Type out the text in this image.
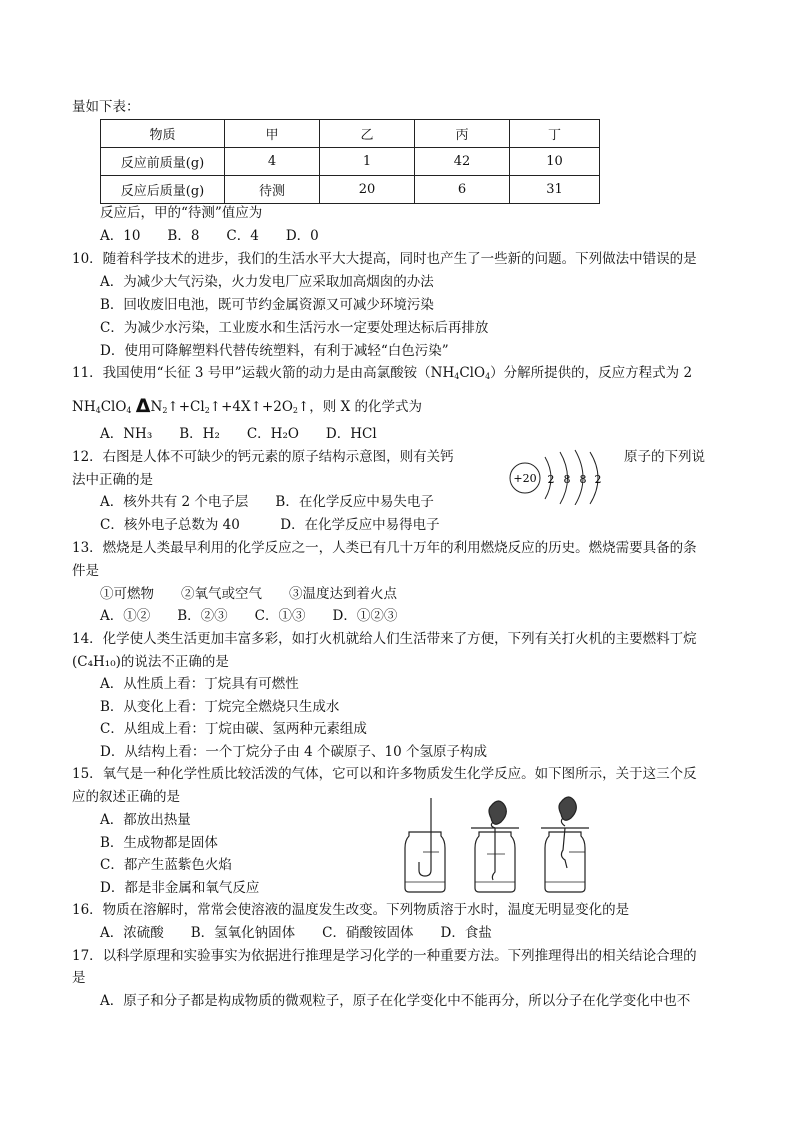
量如下表：
物质	甲	乙	丙	丁
反应前质量(g)	4	1	42	10
反应后质量(g)	待测	20	6	31
反应后，甲的“待测”值应为
A．10　　B．8　　C．4　　D．0
10．随着科学技术的进步，我们的生活水平大大提高，同时也产生了一些新的问题。下列做法中错误的是
A．为减少大气污染，火力发电厂应采取加高烟囱的办法
B．回收废旧电池，既可节约金属资源又可减少环境污染
C．为减少水污染，工业废水和生活污水一定要处理达标后再排放
D．使用可降解塑料代替传统塑料，有利于减轻“白色污染”
11．我国使用“长征 3 号甲”运载火箭的动力是由高氯酸铵$(NH_4ClO_4)$分解所提供的，反应方程式为 2
$NH_4ClO_4$ $\Delta N_2↑+Cl_2↑+4X↑+2O_2↑$，则 X 的化学式为
A．NH₃　　B．H₂　　C．H₂O　　D．HCl
12．右图是人体不可缺少的钙元素的原子结构示意图，则有关钙	原子的下列说
法中正确的是
A．核外共有 2 个电子层　　B．在化学反应中易失电子
C．核外电子总数为 40　　　D．在化学反应中易得电子
+20 2 8 8 2
13．燃烧是人类最早利用的化学反应之一，人类已有几十万年的利用燃烧反应的历史。燃烧需要具备的条
件是
①可燃物　　②氧气或空气　　③温度达到着火点
A．①②　　B．②③　　C．①③　　D．①②③
14．化学使人类生活更加丰富多彩，如打火机就给人们生活带来了方便，下列有关打火机的主要燃料丁烷
(C₄H₁₀)的说法不正确的是
A．从性质上看：丁烷具有可燃性
B．从变化上看：丁烷完全燃烧只生成水
C．从组成上看：丁烷由碳、氢两种元素组成
D．从结构上看：一个丁烷分子由 4 个碳原子、10 个氢原子构成
15．氧气是一种化学性质比较活泼的气体，它可以和许多物质发生化学反应。如下图所示，关于这三个反
应的叙述正确的是
A．都放出热量
B．生成物都是固体
C．都产生蓝紫色火焰
D．都是非金属和氧气反应
16．物质在溶解时，常常会使溶液的温度发生改变。下列物质溶于水时，温度无明显变化的是
A．浓硫酸　　B．氢氧化钠固体　　C．硝酸铵固体　　D．食盐
17．以科学原理和实验事实为依据进行推理是学习化学的一种重要方法。下列推理得出的相关结论合理的
是
A．原子和分子都是构成物质的微观粒子，原子在化学变化中不能再分，所以分子在化学变化中也不
